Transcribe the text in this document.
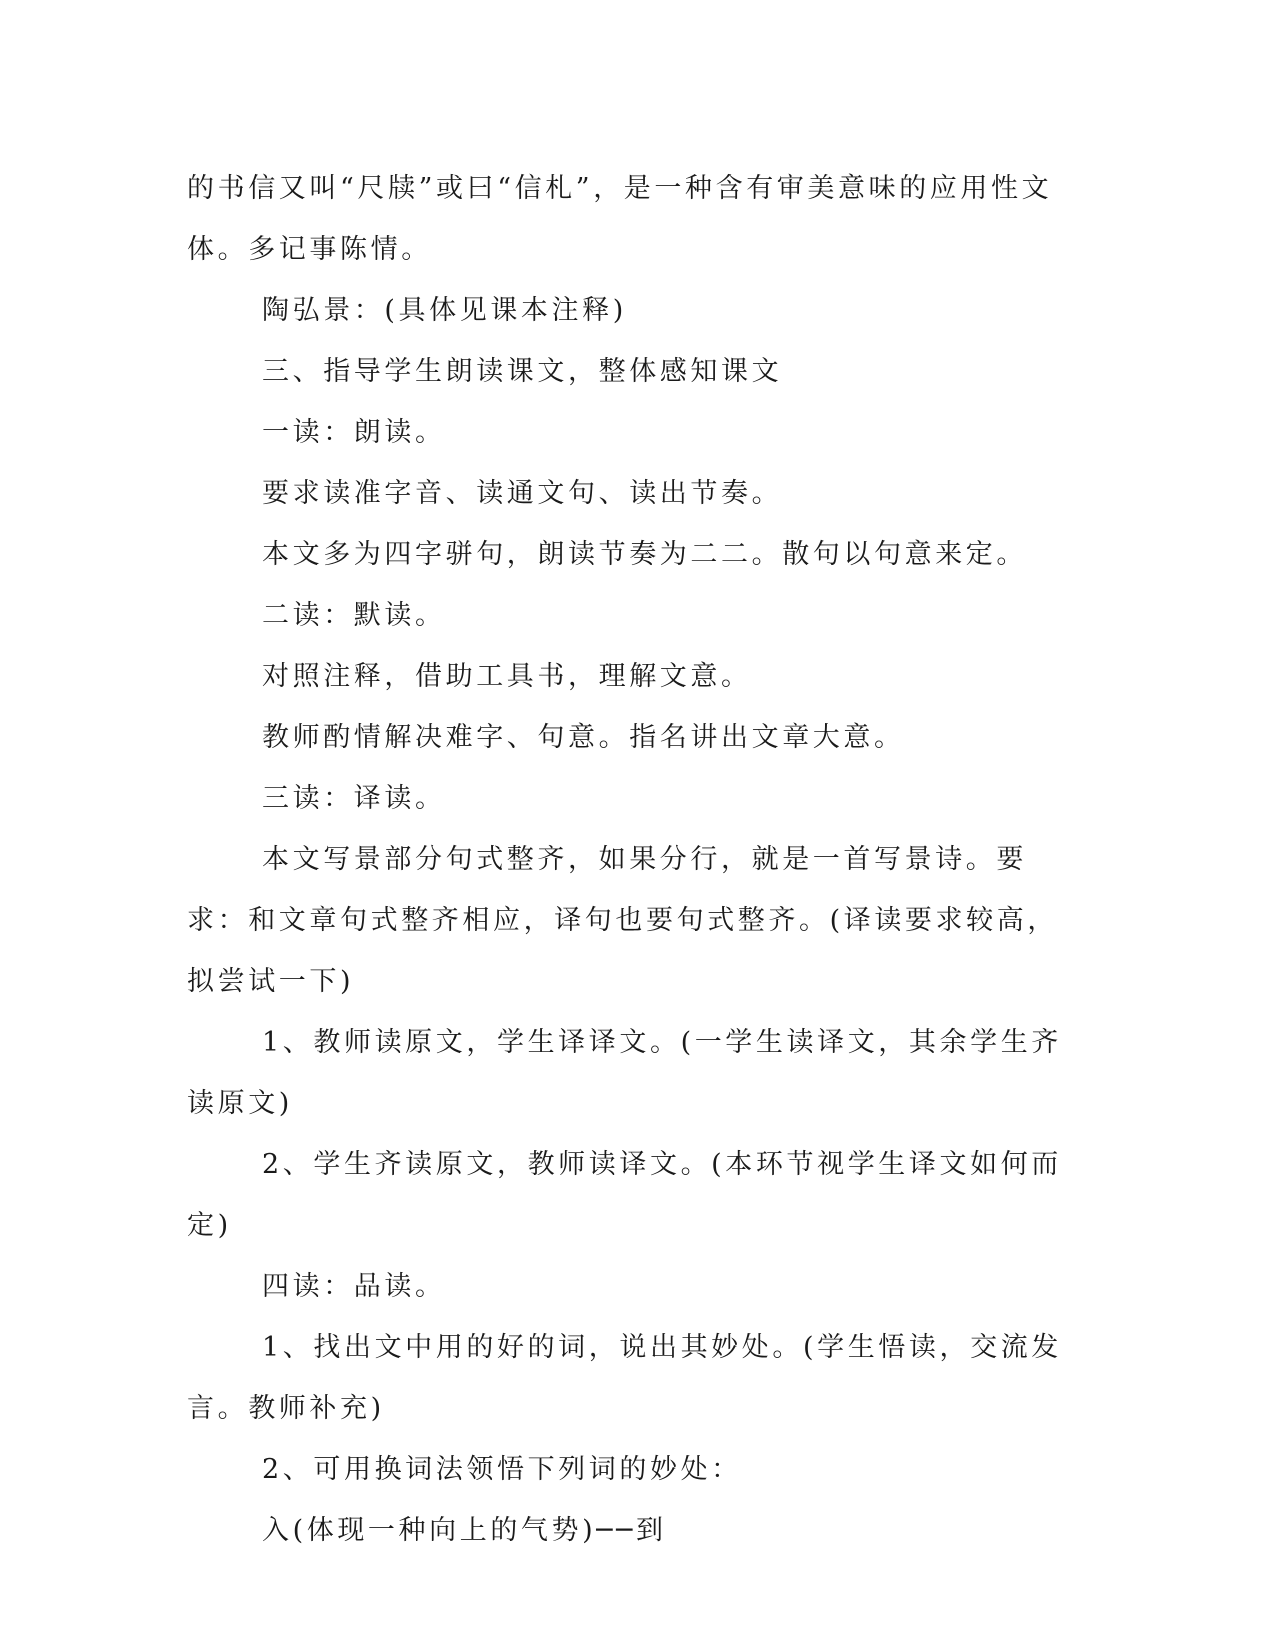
的书信又叫“尺牍”或曰“信札”，是一种含有审美意味的应用性文体。多记事陈情。

陶弘景：(具体见课本注释)

三、指导学生朗读课文，整体感知课文

一读：朗读。

要求读准字音、读通文句、读出节奏。

本文多为四字骈句，朗读节奏为二二。散句以句意来定。

二读：默读。

对照注释，借助工具书，理解文意。

教师酌情解决难字、句意。指名讲出文章大意。

三读：译读。

本文写景部分句式整齐，如果分行，就是一首写景诗。要求：和文章句式整齐相应，译句也要句式整齐。(译读要求较高，拟尝试一下)

1、教师读原文，学生译译文。(一学生读译文，其余学生齐读原文)

2、学生齐读原文，教师读译文。(本环节视学生译文如何而定)

四读：品读。

1、找出文中用的好的词，说出其妙处。(学生悟读，交流发言。教师补充)

2、可用换词法领悟下列词的妙处：

入(体现一种向上的气势)──到
